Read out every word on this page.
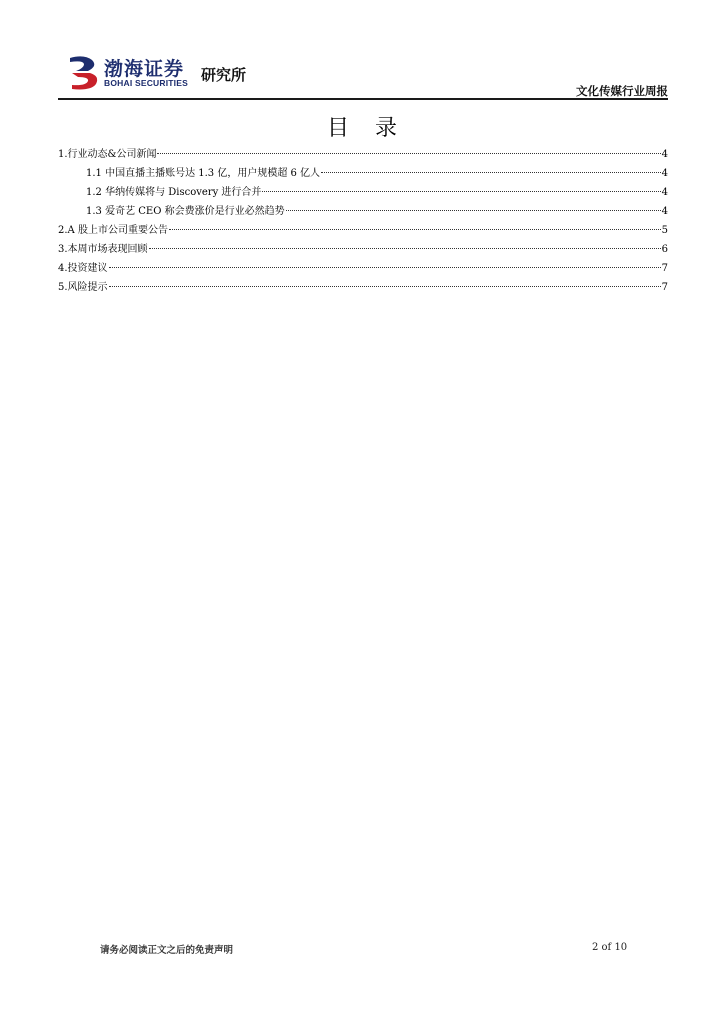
渤海证券
BOHAI SECURITIES 研究所
文化传媒行业周报
目录
1.行业动态&公司新闻	4
1.1 中国直播主播账号达 1.3 亿，用户规模超 6 亿人	4
1.2 华纳传媒将与 Discovery 进行合并	4
1.3 爱奇艺 CEO 称会费涨价是行业必然趋势	4
2.A 股上市公司重要公告	5
3.本周市场表现回顾	6
4.投资建议	7
5.风险提示	7
请务必阅读正文之后的免责声明	2 of 10
